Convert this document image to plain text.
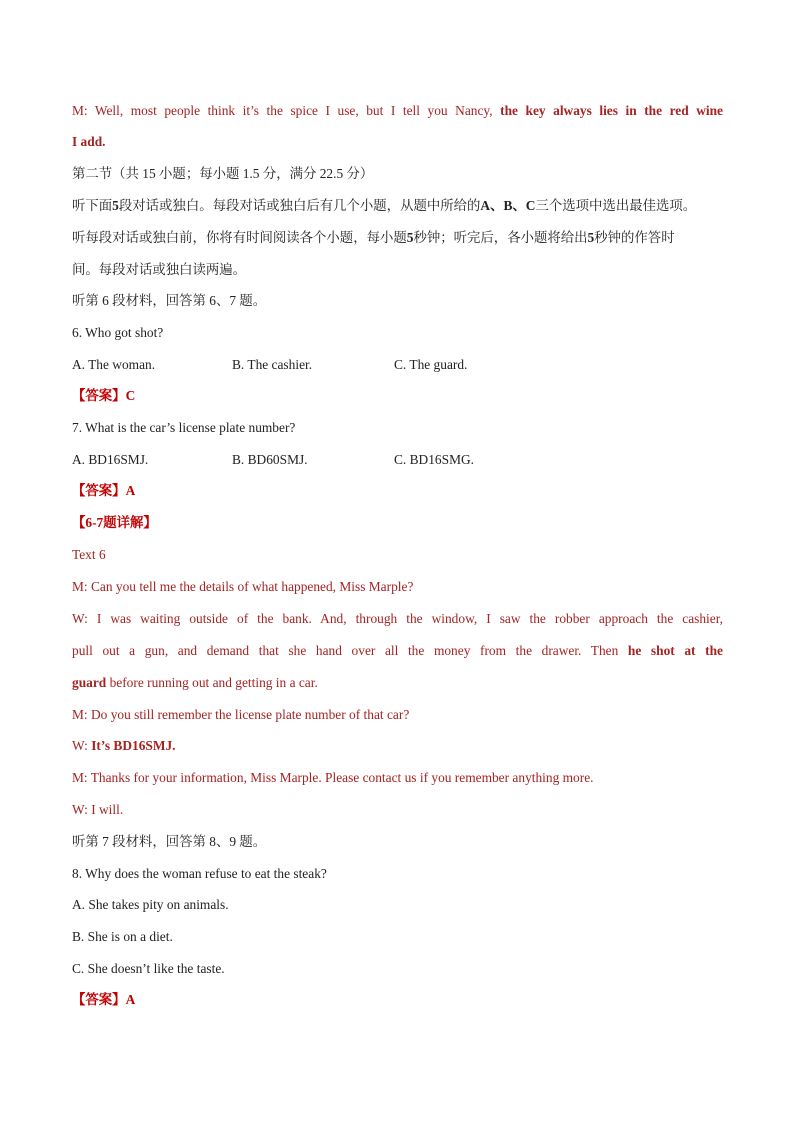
M: Well, most people think it’s the spice I use, but I tell you Nancy, the key always lies in the red wine
I add.
第二节（共 15 小题；每小题 1.5 分，满分 22.5 分）
听下面5段对话或独白。每段对话或独白后有几个小题，从题中所给的A、B、C三个选项中选出最佳选项。
听每段对话或独白前，你将有时间阅读各个小题，每小题5秒钟；听完后，各小题将给出5秒钟的作答时
间。每段对话或独白读两遍。
听第 6 段材料，回答第 6、7 题。
6. Who got shot?
A. The woman.	B. The cashier.	C. The guard.
【答案】C
7. What is the car’s license plate number?
A. BD16SMJ.	B. BD60SMJ.	C. BD16SMG.
【答案】A
【6-7题详解】
Text 6
M: Can you tell me the details of what happened, Miss Marple?
W: I was waiting outside of the bank. And, through the window, I saw the robber approach the cashier,
pull out a gun, and demand that she hand over all the money from the drawer. Then he shot at the
guard before running out and getting in a car.
M: Do you still remember the license plate number of that car?
W: It’s BD16SMJ.
M: Thanks for your information, Miss Marple. Please contact us if you remember anything more.
W: I will.
听第 7 段材料，回答第 8、9 题。
8. Why does the woman refuse to eat the steak?
A. She takes pity on animals.
B. She is on a diet.
C. She doesn’t like the taste.
【答案】A
